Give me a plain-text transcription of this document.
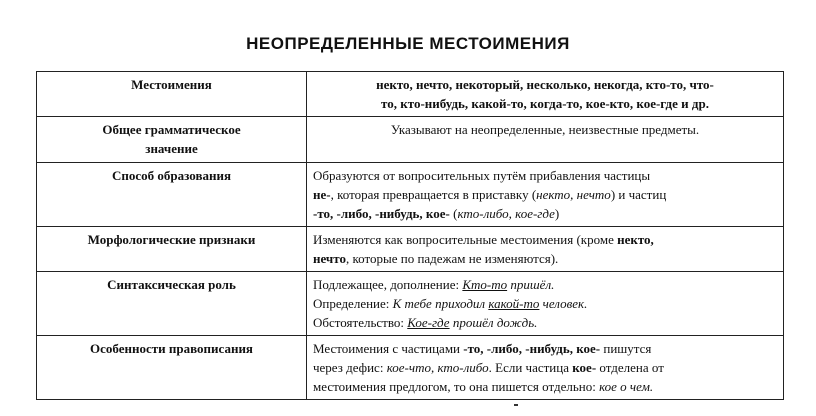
НЕОПРЕДЕЛЕННЫЕ МЕСТОИМЕНИЯ
Местоимения	некто, нечто, некоторый, несколько, некогда, кто-то, что-
то, кто-нибудь, какой-то, когда-то, кое-кто, кое-где и др.
Общее грамматическое
значение	Указывают на неопределенные, неизвестные предметы.
Способ образования	Образуются от вопросительных путём прибавления частицы
не-, которая превращается в приставку (некто, нечто) и частиц
-то, -либо, -нибудь, кое- (кто-либо, кое-где)
Морфологические признаки	Изменяются как вопросительные местоимения (кроме некто,
нечто, которые по падежам не изменяются).
Синтаксическая роль	Подлежащее, дополнение: Кто-то пришёл.
Определение: К тебе приходил какой-то человек.
Обстоятельство: Кое-где прошёл дождь.
Особенности правописания	Местоимения с частицами -то, -либо, -нибудь, кое- пишутся
через дефис: кое-что, кто-либо. Если частица кое- отделена от
местоимения предлогом, то она пишется отдельно: кое о чем.
